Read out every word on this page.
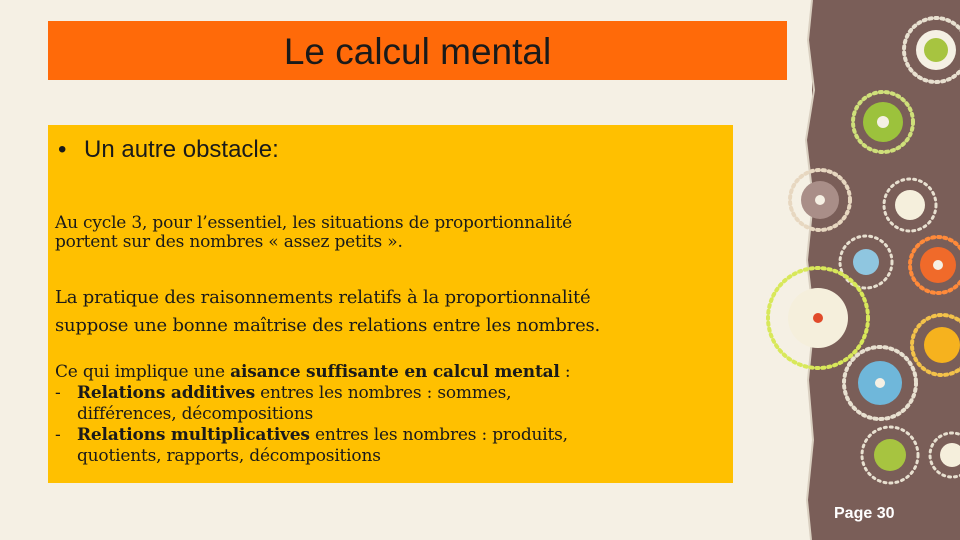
Le calcul mental
• Un autre obstacle:
Au cycle 3, pour l’essentiel, les situations de proportionnalité
portent sur des nombres « assez petits ».
La pratique des raisonnements relatifs à la proportionnalité
suppose une bonne maîtrise des relations entre les nombres.
Ce qui implique une aisance suffisante en calcul mental :
- Relations additives entres les nombres : sommes,
différences, décompositions
- Relations multiplicatives entres les nombres : produits,
quotients, rapports, décompositions
Page 30
